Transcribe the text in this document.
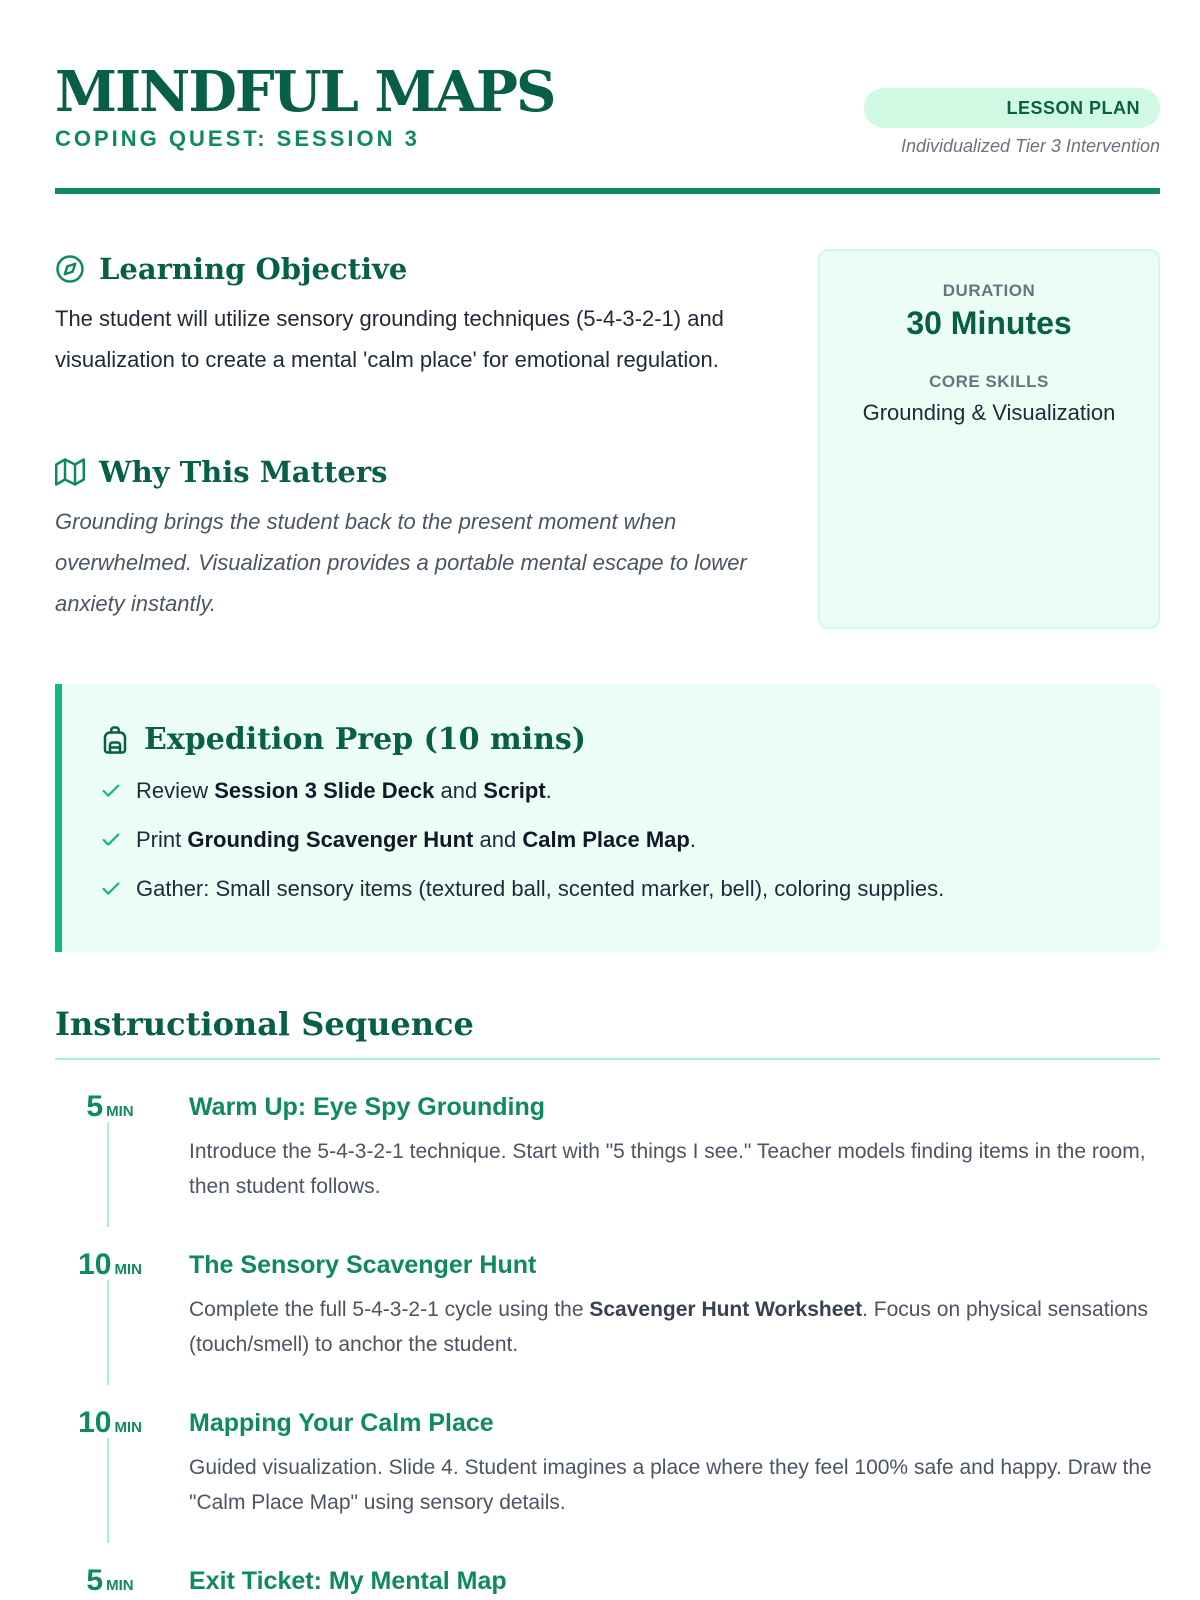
MINDFUL MAPS
COPING QUEST: SESSION 3
LESSON PLAN
Individualized Tier 3 Intervention
Learning Objective

The student will utilize sensory grounding techniques (5-4-3-2-1) and visualization to create a mental 'calm place' for emotional regulation.

Why This Matters

Grounding brings the student back to the present moment when overwhelmed. Visualization provides a portable mental escape to lower anxiety instantly.

DURATION
30 Minutes
CORE SKILLS
Grounding & Visualization
Expedition Prep (10 mins)
Review Session 3 Slide Deck and Script.
Print Grounding Scavenger Hunt and Calm Place Map.
Gather: Small sensory items (textured ball, scented marker, bell), coloring supplies.
Instructional Sequence
5 MIN	Warm Up: Eye Spy Grounding
Introduce the 5-4-3-2-1 technique. Start with "5 things I see." Teacher models finding items in the room, then student follows.
10 MIN	The Sensory Scavenger Hunt
Complete the full 5-4-3-2-1 cycle using the Scavenger Hunt Worksheet. Focus on physical sensations (touch/smell) to anchor the student.
10 MIN	Mapping Your Calm Place
Guided visualization. Slide 4. Student imagines a place where they feel 100% safe and happy. Draw the "Calm Place Map" using sensory details.
5 MIN	Exit Ticket: My Mental Map
